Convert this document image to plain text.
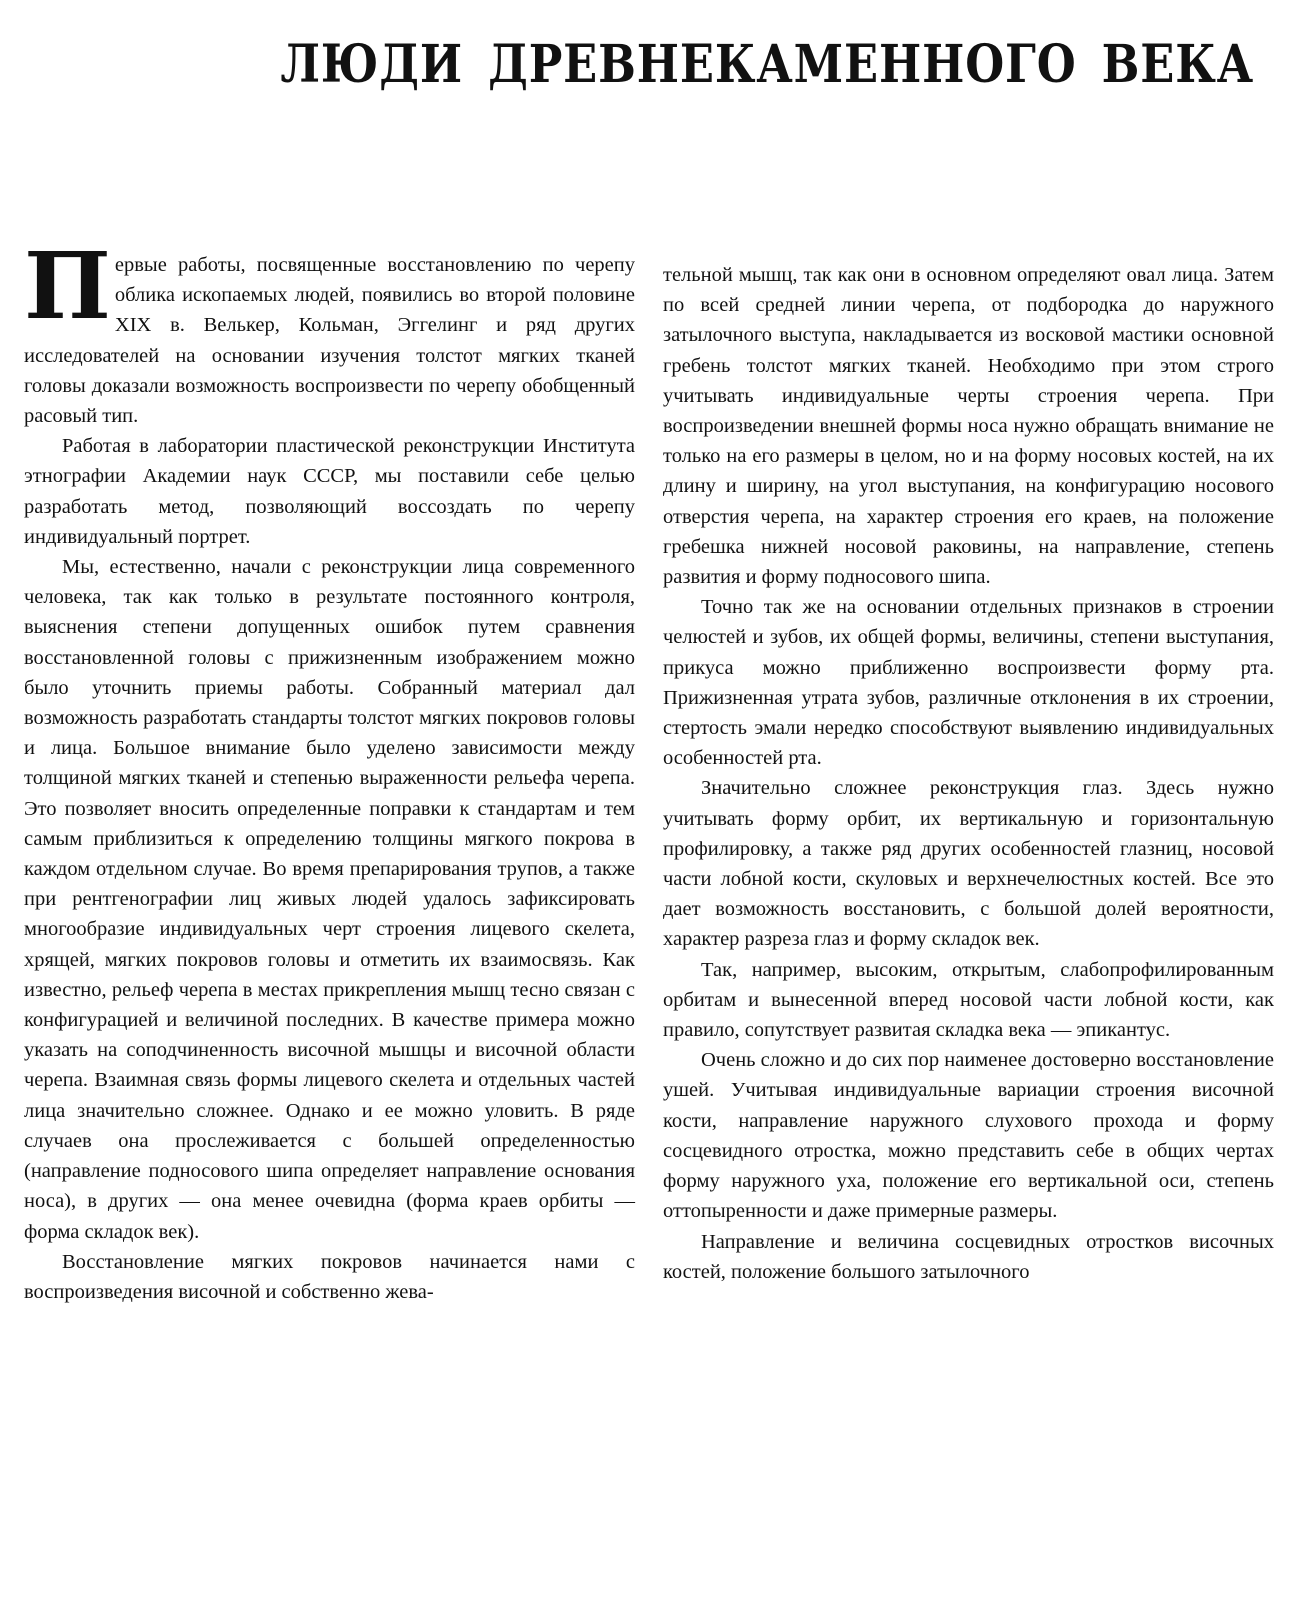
ЛЮДИ ДРЕВНЕКАМЕННОГО ВЕКА

Первые работы, посвященные восстановлению по черепу облика ископаемых людей, появились во второй половине XIX в. Велькер, Кольман, Эггелинг и ряд других исследователей на основании изучения толстот мягких тканей головы доказали возможность воспроизвести по черепу обобщенный расовый тип.

Работая в лаборатории пластической реконструкции Института этнографии Академии наук СССР, мы поставили себе целью разработать метод, позволяющий воссоздать по черепу индивидуальный портрет.

Мы, естественно, начали с реконструкции лица современного человека, так как только в результате постоянного контроля, выяснения степени допущенных ошибок путем сравнения восстановленной головы с прижизненным изображением можно было уточнить приемы работы. Собранный материал дал возможность разработать стандарты толстот мягких покровов головы и лица. Большое внимание было уделено зависимости между толщиной мягких тканей и степенью выраженности рельефа черепа. Это позволяет вносить определенные поправки к стандартам и тем самым приблизиться к определению толщины мягкого покрова в каждом отдельном случае. Во время препарирования трупов, а также при рентгенографии лиц живых людей удалось зафиксировать многообразие индивидуальных черт строения лицевого скелета, хрящей, мягких покровов головы и отметить их взаимосвязь. Как известно, рельеф черепа в местах прикрепления мышц тесно связан с конфигурацией и величиной последних. В качестве примера можно указать на соподчиненность височной мышцы и височной области черепа. Взаимная связь формы лицевого скелета и отдельных частей лица значительно сложнее. Однако и ее можно уловить. В ряде случаев она прослеживается с большей определенностью (направление подносового шипа определяет направление основания носа), в других — она менее очевидна (форма краев орбиты — форма складок век).

Восстановление мягких покровов начинается нами с воспроизведения височной и собственно жева-

тельной мышц, так как они в основном определяют овал лица. Затем по всей средней линии черепа, от подбородка до наружного затылочного выступа, накладывается из восковой мастики основной гребень толстот мягких тканей. Необходимо при этом строго учитывать индивидуальные черты строения черепа. При воспроизведении внешней формы носа нужно обращать внимание не только на его размеры в целом, но и на форму носовых костей, на их длину и ширину, на угол выступания, на конфигурацию носового отверстия черепа, на характер строения его краев, на положение гребешка нижней носовой раковины, на направление, степень развития и форму подносового шипа.

Точно так же на основании отдельных признаков в строении челюстей и зубов, их общей формы, величины, степени выступания, прикуса можно приближенно воспроизвести форму рта. Прижизненная утрата зубов, различные отклонения в их строении, стертость эмали нередко способствуют выявлению индивидуальных особенностей рта.

Значительно сложнее реконструкция глаз. Здесь нужно учитывать форму орбит, их вертикальную и горизонтальную профилировку, а также ряд других особенностей глазниц, носовой части лобной кости, скуловых и верхнечелюстных костей. Все это дает возможность восстановить, с большой долей вероятности, характер разреза глаз и форму складок век.

Так, например, высоким, открытым, слабопрофилированным орбитам и вынесенной вперед носовой части лобной кости, как правило, сопутствует развитая складка века — эпикантус.

Очень сложно и до сих пор наименее достоверно восстановление ушей. Учитывая индивидуальные вариации строения височной кости, направление наружного слухового прохода и форму сосцевидного отростка, можно представить себе в общих чертах форму наружного уха, положение его вертикальной оси, степень оттопыренности и даже примерные размеры.

Направление и величина сосцевидных отростков височных костей, положение большого затылочного
